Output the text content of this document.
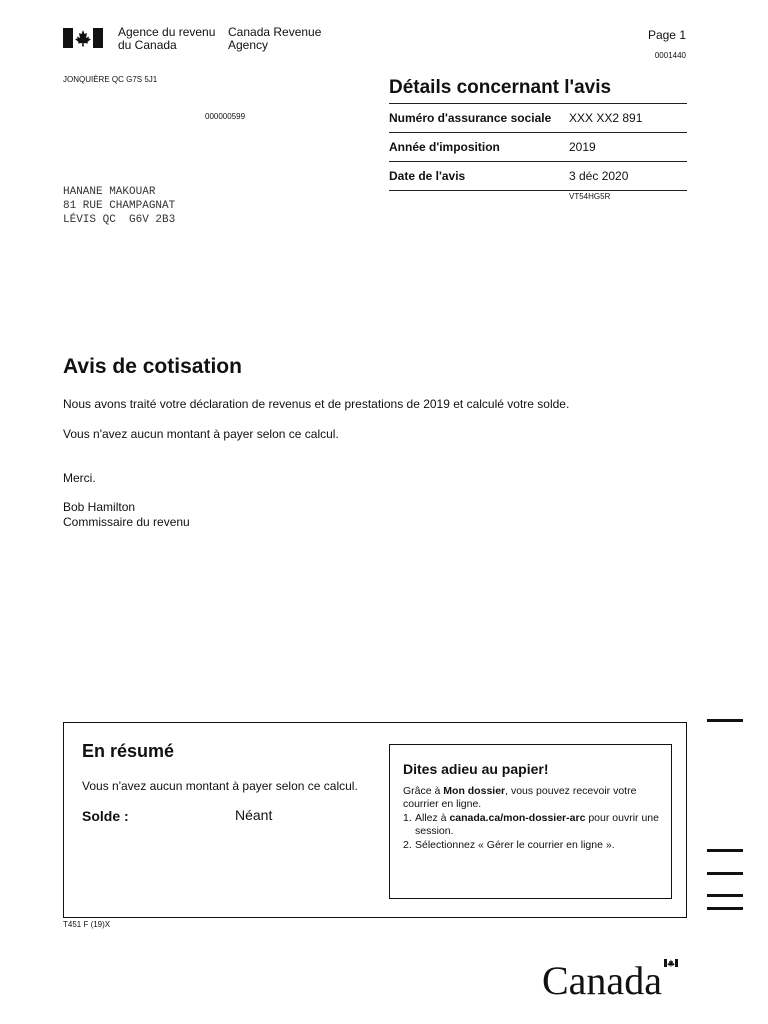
Agence du revenu
du Canada
Canada Revenue
Agency
Page 1
0001440
JONQUIÈRE QC G7S 5J1
000000599
HANANE MAKOUAR
81 RUE CHAMPAGNAT
LÉVIS QC  G6V 2B3
Détails concernant l'avis
Numéro d'assurance sociale	XXX XX2 891
Année d'imposition	2019
Date de l'avis	3 déc 2020
VT54HG5R
Avis de cotisation
Nous avons traité votre déclaration de revenus et de prestations de 2019 et calculé votre solde.
Vous n'avez aucun montant à payer selon ce calcul.
Merci.
Bob Hamilton
Commissaire du revenu
En résumé
Vous n'avez aucun montant à payer selon ce calcul.
Solde :	Néant
Dites adieu au papier!
Grâce à Mon dossier, vous pouvez recevoir votre courrier en ligne.
1. Allez à canada.ca/mon-dossier-arc pour ouvrir une session.
2. Sélectionnez « Gérer le courrier en ligne ».
T451 F (19)X
Canada
